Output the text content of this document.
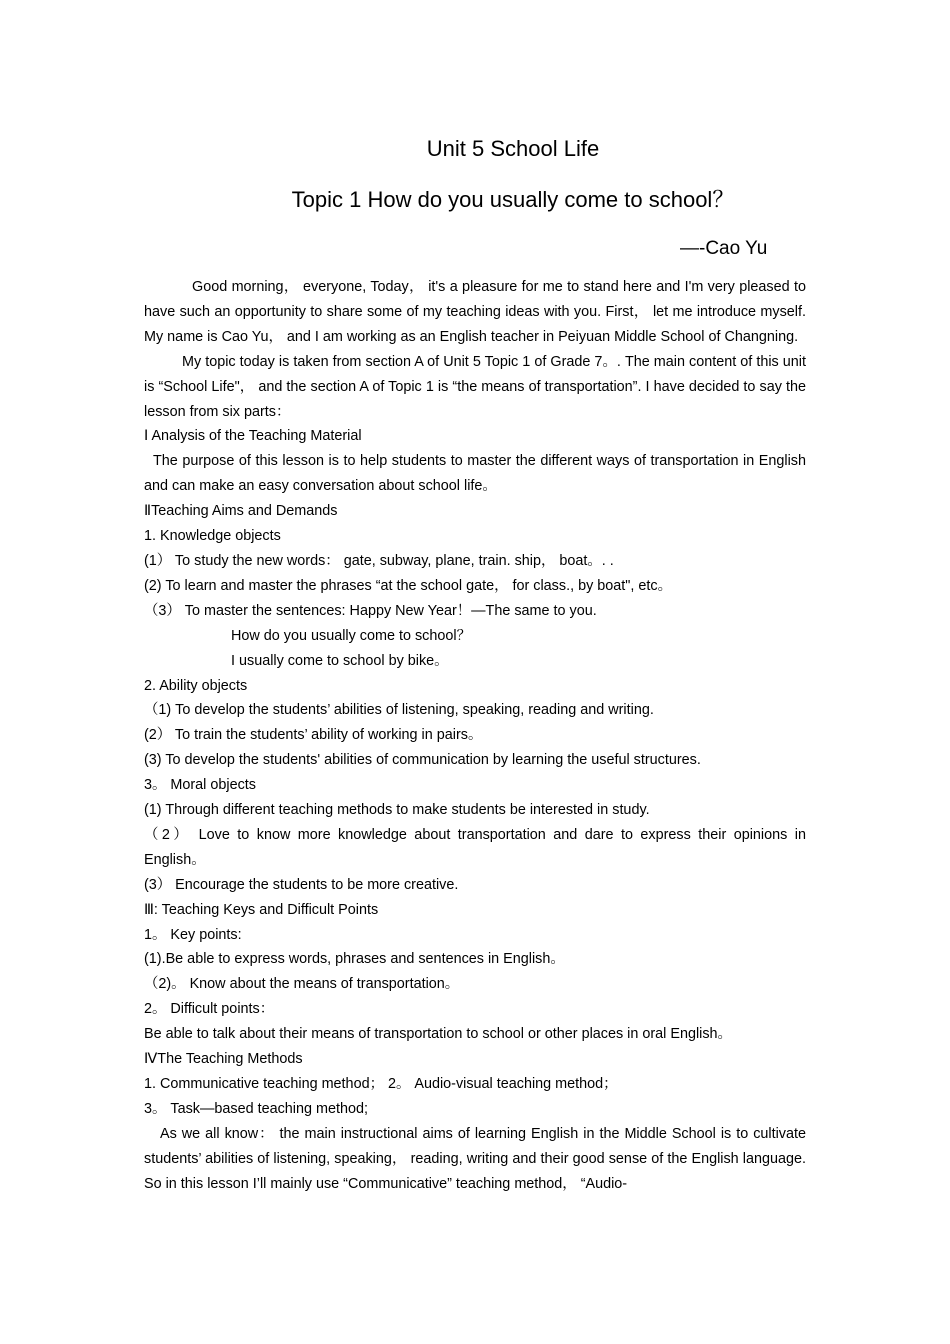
Unit 5 School Life
Topic 1 How do you usually come to school？
—-Cao Yu

Good morning， everyone, Today， it's a pleasure for me to stand here and I'm very pleased to have such an opportunity to share some of my teaching ideas with you. First， let me introduce myself. My name is Cao Yu， and I am working as an English teacher in Peiyuan Middle School of Changning.

My topic today is taken from section A of Unit 5 Topic 1 of Grade 7。. The main content of this unit is “School Life"， and the section A of Topic 1 is “the means of transportation”. I have decided to say the lesson from six parts：

Ⅰ Analysis of the Teaching Material

The purpose of this lesson is to help students to master the different ways of transportation in English and can make an easy conversation about school life。

ⅡTeaching Aims and Demands

1. Knowledge objects

(1） To study the new words： gate, subway, plane, train. ship， boat。. .

(2) To learn and master the phrases “at the school gate， for class., by boat", etc。

（3） To master the sentences: Happy New Year！—The same to you.

How do you usually come to school？

I usually come to school by bike。

2. Ability objects

（1) To develop the students’ abilities of listening, speaking, reading and writing.

(2） To train the students’ ability of working in pairs。

(3) To develop the students' abilities of communication by learning the useful structures.

3。 Moral objects

(1) Through different teaching methods to make students be interested in study.

（2） Love to know more knowledge about transportation and dare to express their opinions in English。

(3） Encourage the students to be more creative.

Ⅲ: Teaching Keys and Difficult Points

1。 Key points:

(1).Be able to express words, phrases and sentences in English。

（2)。 Know about the means of transportation。

2。 Difficult points：

Be able to talk about their means of transportation to school or other places in oral English。

ⅣThe Teaching Methods

1. Communicative teaching method； 2。 Audio-visual teaching method；

3。 Task—based teaching method;

As we all know： the main instructional aims of learning English in the Middle School is to cultivate students’ abilities of listening, speaking， reading, writing and their good sense of the English language. So in this lesson I’ll mainly use “Communicative” teaching method， “Audio-
